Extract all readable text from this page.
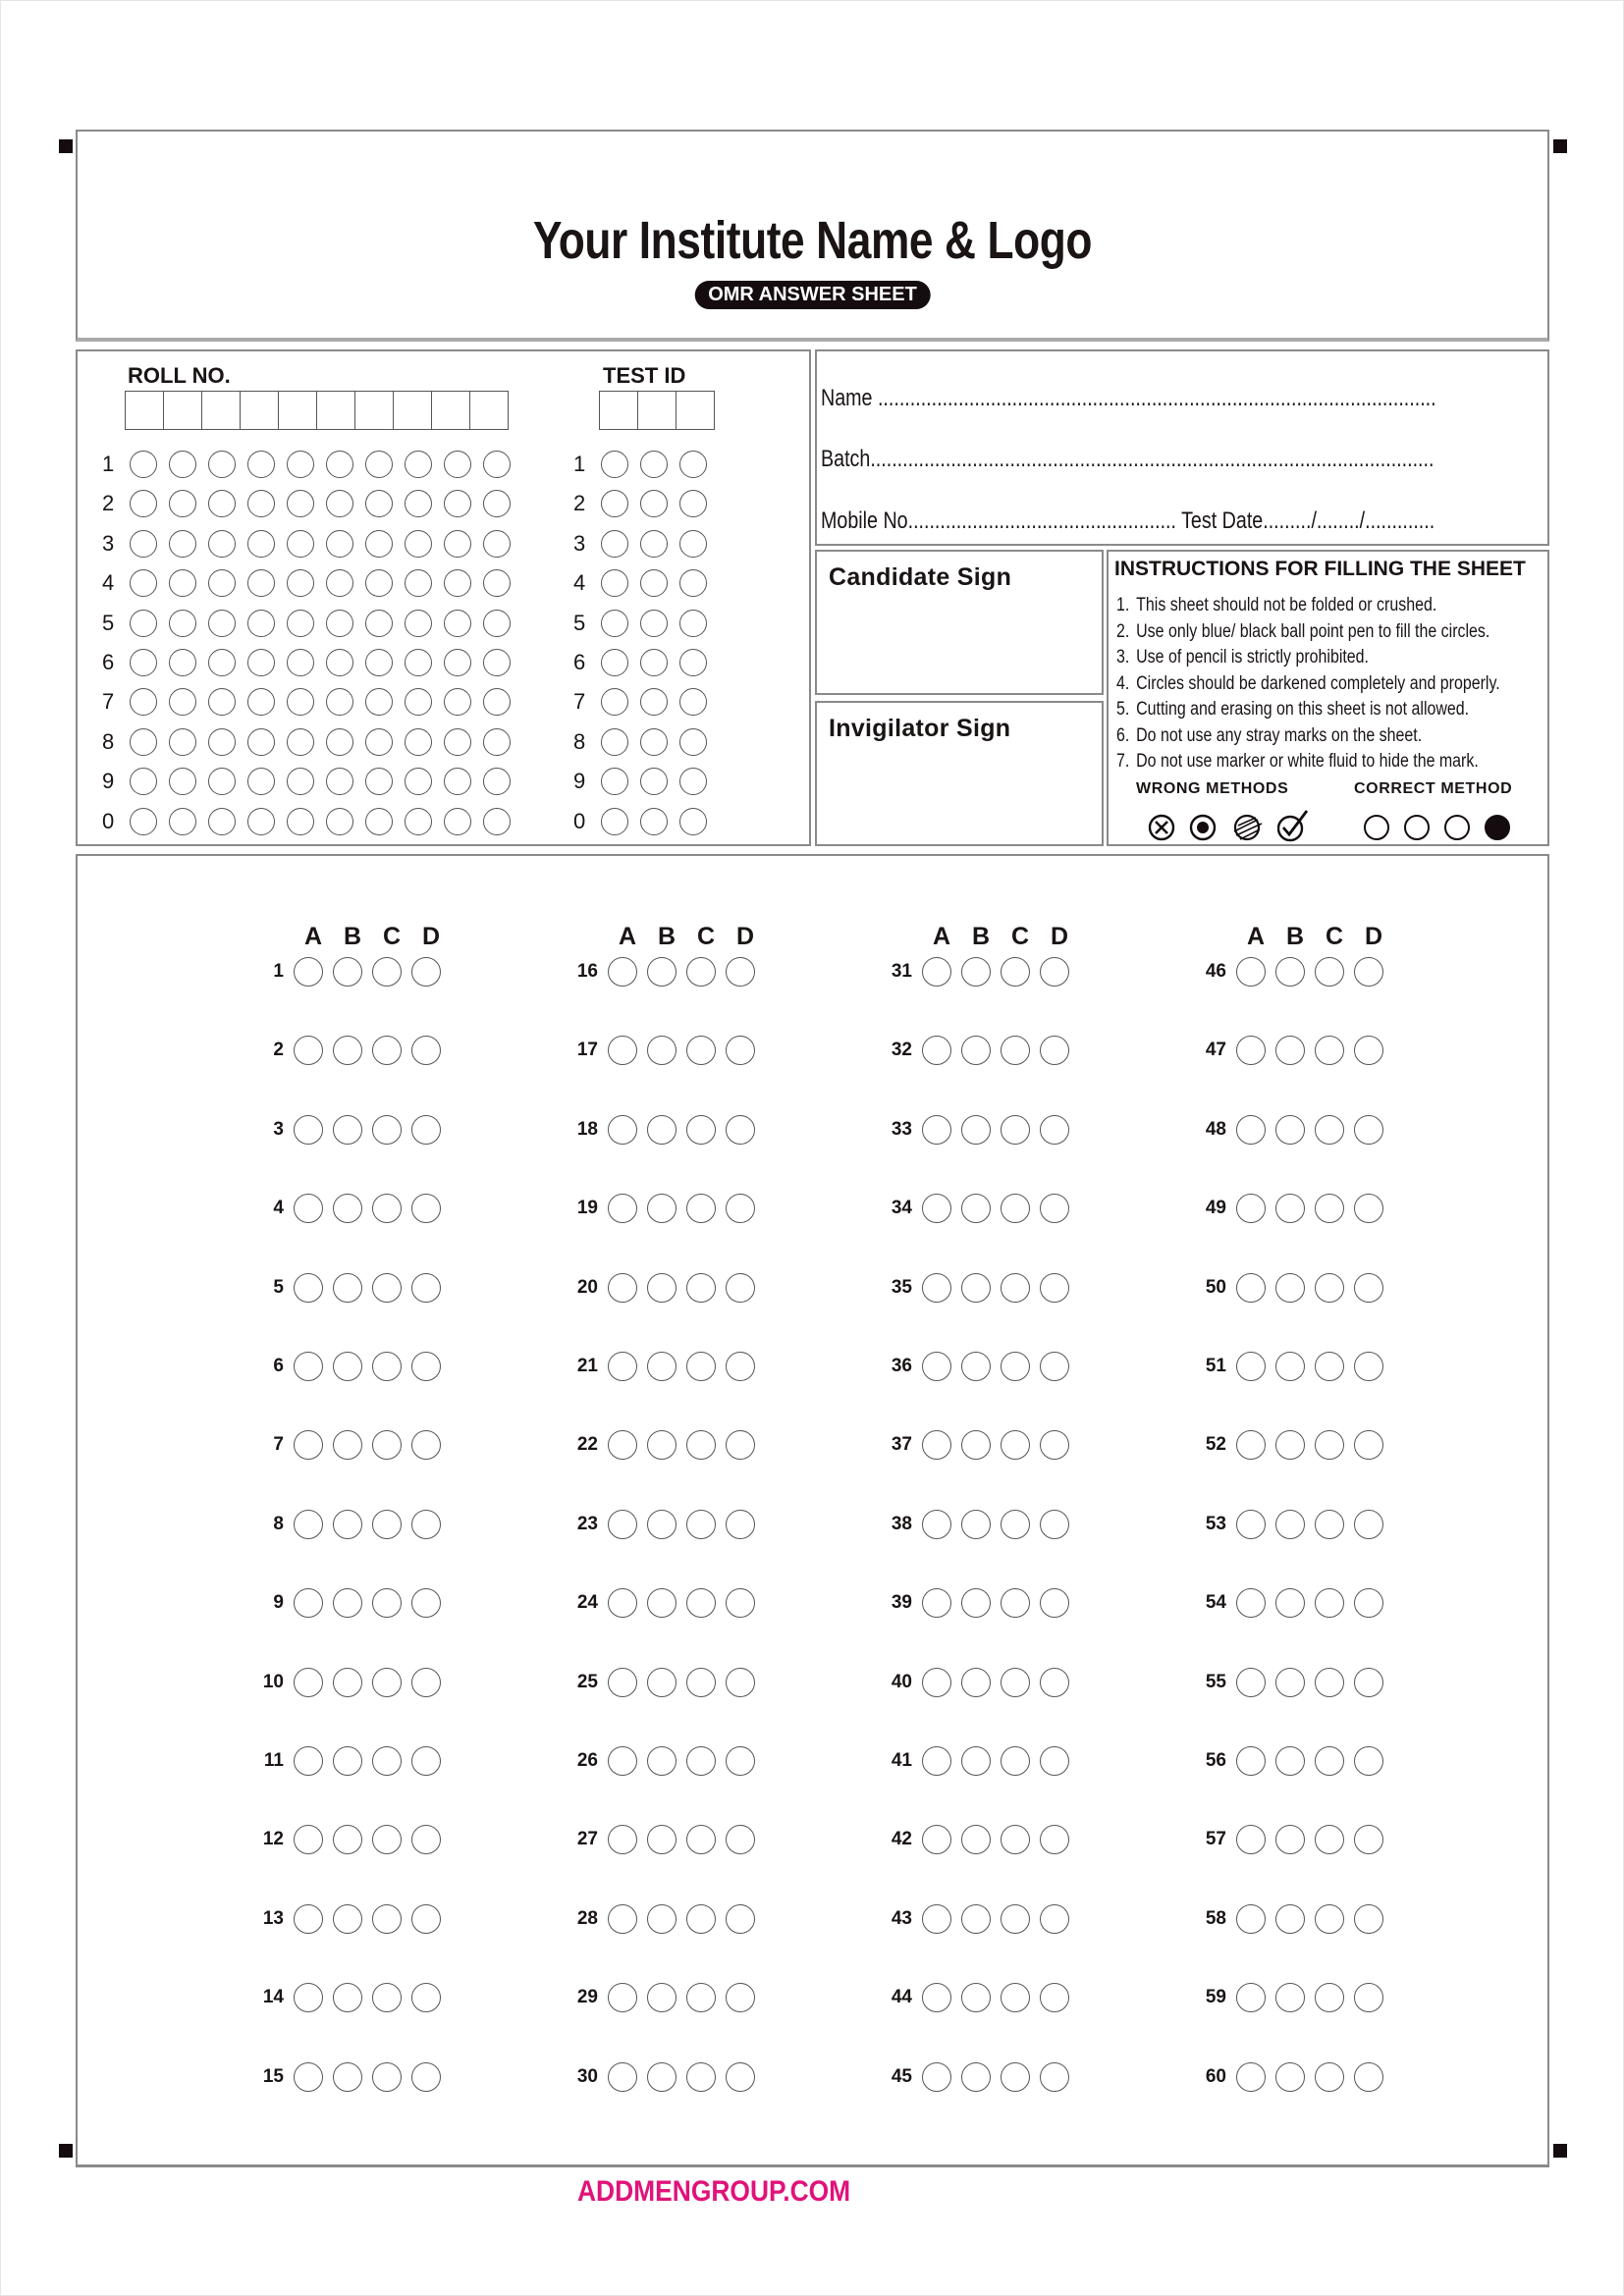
Your Institute Name & Logo
OMR ANSWER SHEET
ROLL NO.
1
2
3
4
5
6
7
8
9
0
TEST ID
1
2
3
4
5
6
7
8
9
0
Name ........................................................................................................
Batch.........................................................................................................
Mobile No.................................................. Test Date........./......../.............
Candidate Sign
Invigilator Sign
INSTRUCTIONS FOR FILLING THE SHEET
1. This sheet should not be folded or crushed.
2. Use only blue/ black ball point pen to fill the circles.
3. Use of pencil is strictly prohibited.
4. Circles should be darkened completely and properly.
5. Cutting and erasing on this sheet is not allowed.
6. Do not use any stray marks on the sheet.
7. Do not use marker or white fluid to hide the mark.
WRONG METHODS	CORRECT METHOD
A B C D
1
2
3
4
5
6
7
8
9
10
11
12
13
14
15
A B C D
16
17
18
19
20
21
22
23
24
25
26
27
28
29
30
A B C D
31
32
33
34
35
36
37
38
39
40
41
42
43
44
45
A B C D
46
47
48
49
50
51
52
53
54
55
56
57
58
59
60
ADDMENGROUP.COM
